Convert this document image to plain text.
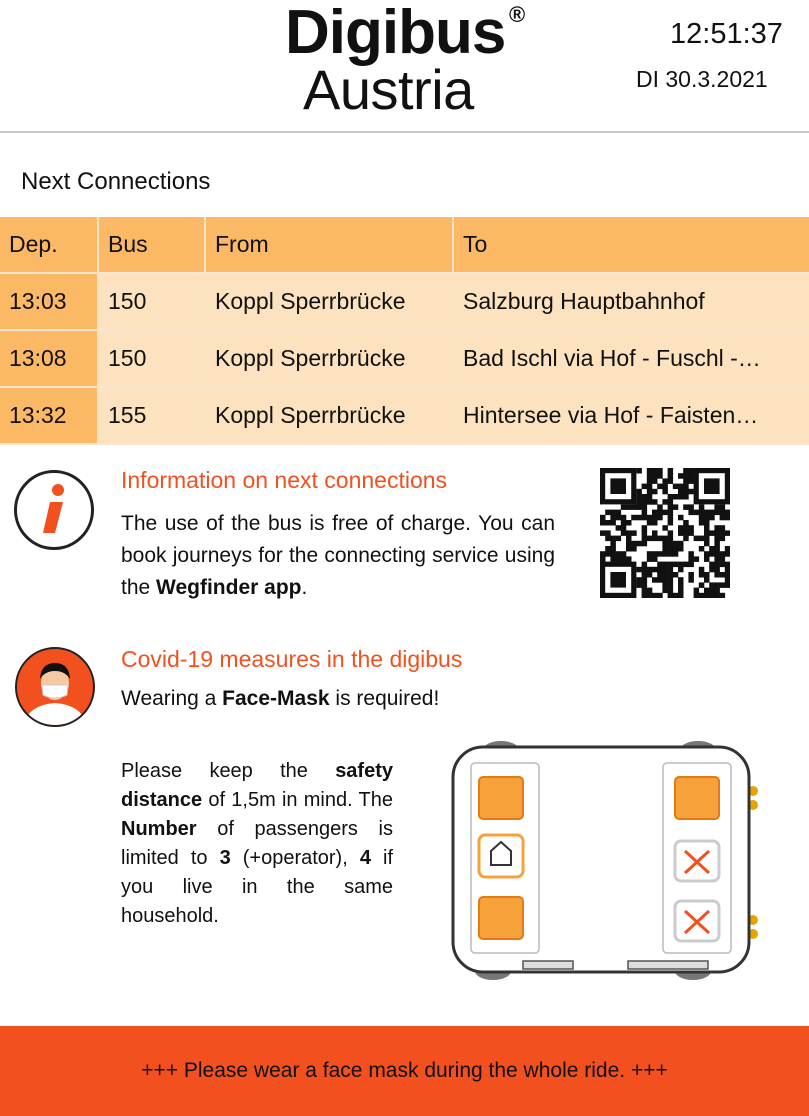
Digibus ®
Austria
12:51:37
DI 30.3.2021
Next Connections
Dep.	Bus	From	To
13:03	150	Koppl Sperrbrücke	Salzburg Hauptbahnhof
13:08	150	Koppl Sperrbrücke	Bad Ischl via Hof - Fuschl -…
13:32	155	Koppl Sperrbrücke	Hintersee via Hof - Faisten…
Information on next connections
The use of the bus is free of charge. You can book journeys for the connecting service using the Wegfinder app.
Covid-19 measures in the digibus
Wearing a Face-Mask is required!
Please keep the safety distance of 1,5m in mind. The Number of passengers is limited to 3 (+operator), 4 if you live in the same household.
+++ Please wear a face mask during the whole ride. +++
